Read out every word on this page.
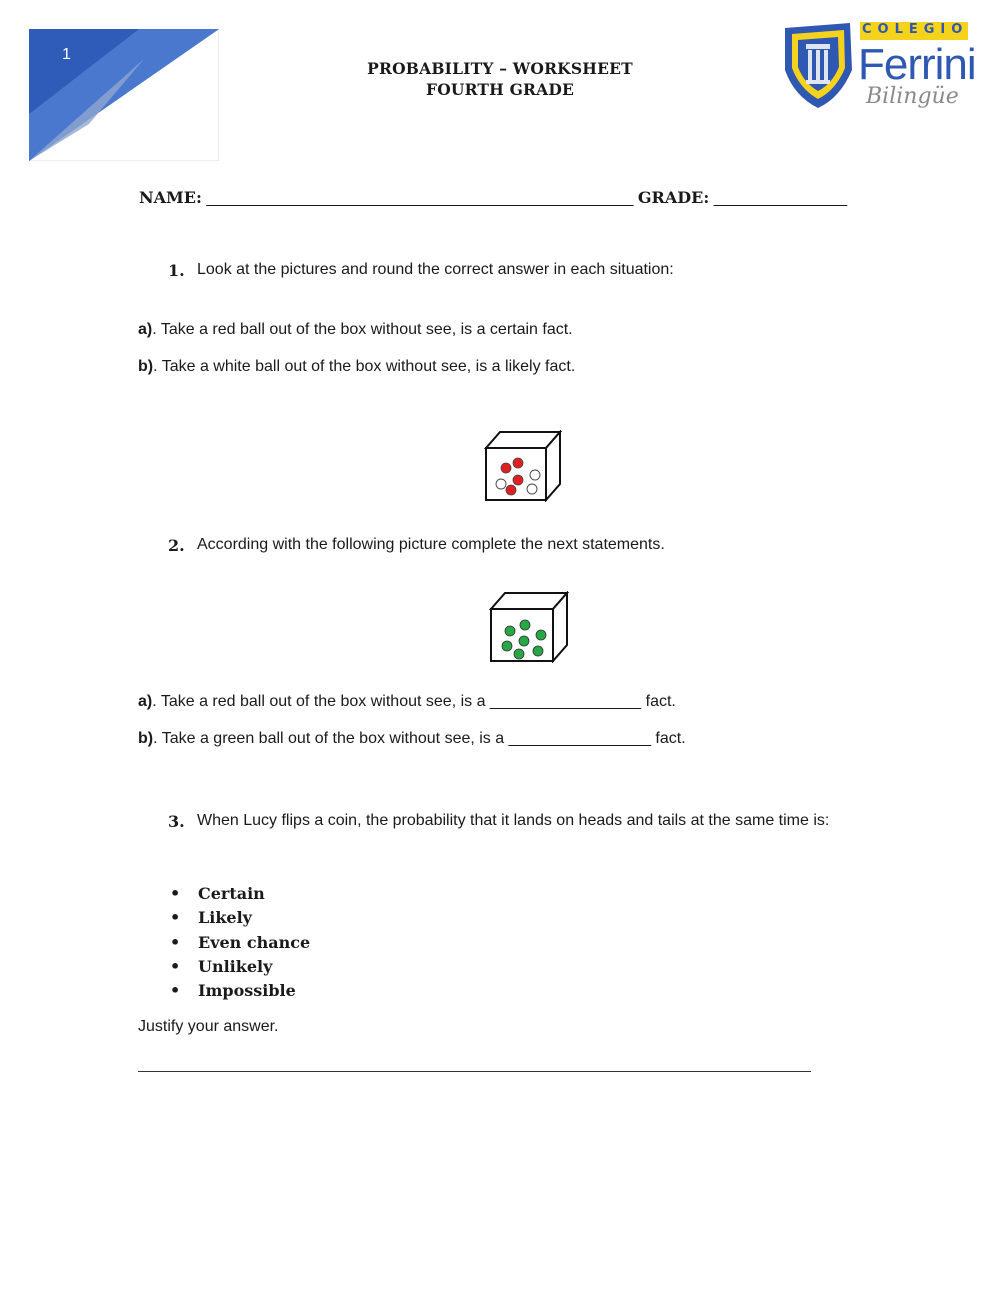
1
PROBABILITY – WORKSHEET
FOURTH GRADE
COLEGIO
Ferrini
Bilingüe
NAME: ________________________________________________ GRADE: _______________
1. Look at the pictures and round the correct answer in each situation:
a). Take a red ball out of the box without see, is a certain fact.
b). Take a white ball out of the box without see, is a likely fact.
2. According with the following picture complete the next statements.
a). Take a red ball out of the box without see, is a _________________ fact.
b). Take a green ball out of the box without see, is a ________________ fact.
3. When Lucy flips a coin, the probability that it lands on heads and tails at the same time is:
• Certain
• Likely
• Even chance
• Unlikely
• Impossible
Justify your answer.
